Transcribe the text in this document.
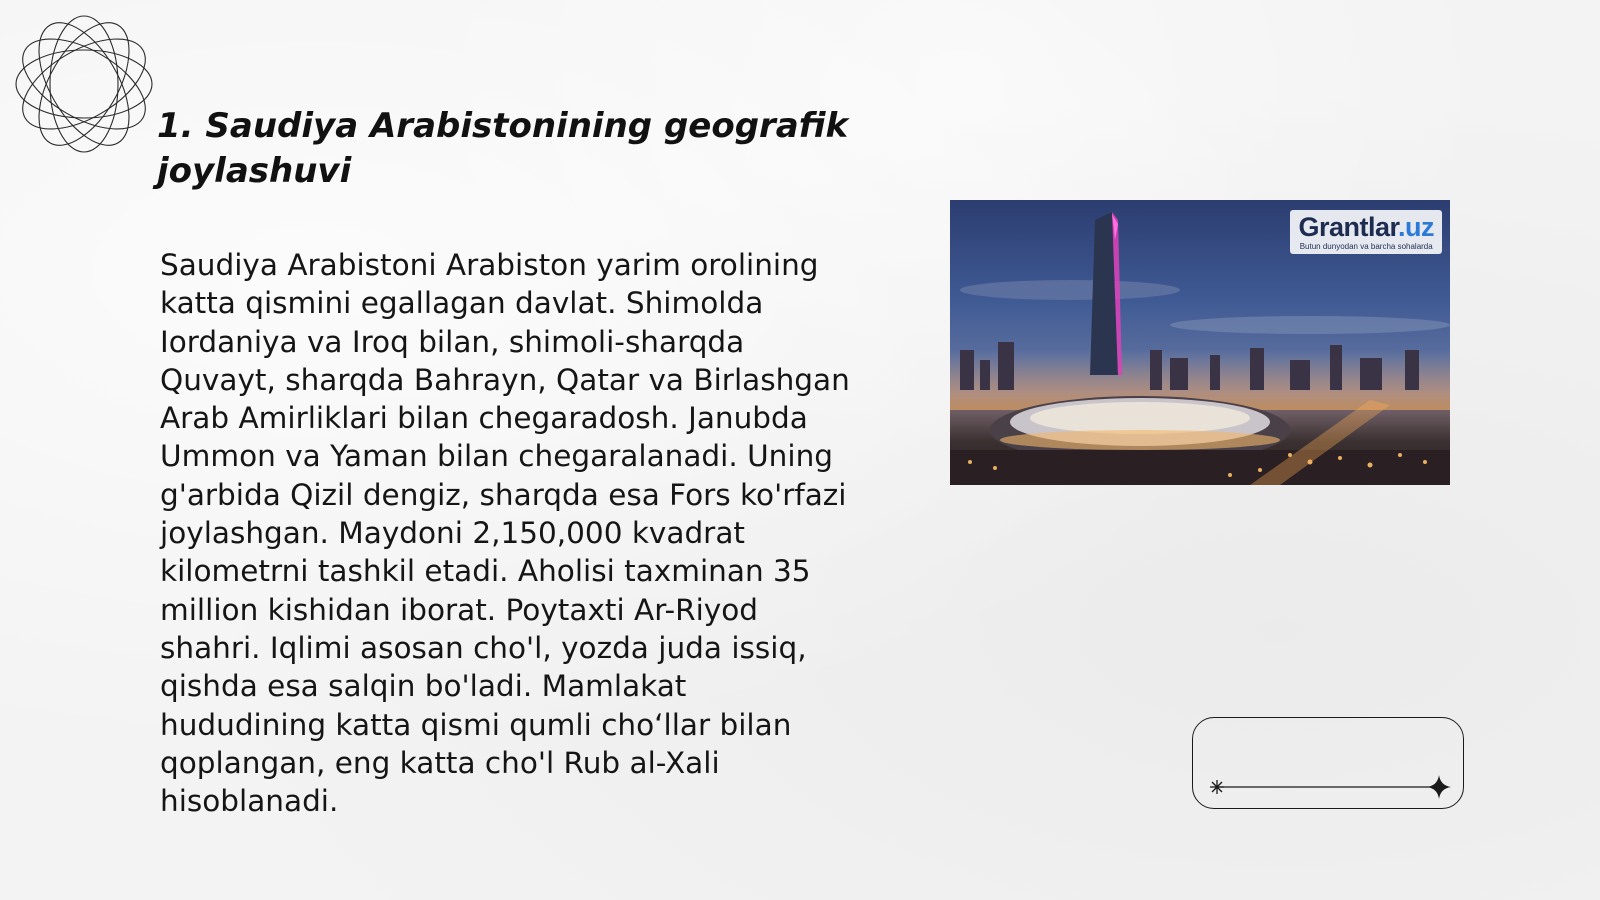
1. Saudiya Arabistonining geografik joylashuvi

Saudiya Arabistoni Arabiston yarim orolining katta qismini egallagan davlat. Shimolda Iordaniya va Iroq bilan, shimoli-sharqda Quvayt, sharqda Bahrayn, Qatar va Birlashgan Arab Amirliklari bilan chegaradosh. Janubda Ummon va Yaman bilan chegaralanadi. Uning g'arbida Qizil dengiz, sharqda esa Fors ko'rfazi joylashgan. Maydoni 2,150,000 kvadrat kilometrni tashkil etadi. Aholisi taxminan 35 million kishidan iborat. Poytaxti Ar-Riyod shahri. Iqlimi asosan cho'l, yozda juda issiq, qishda esa salqin bo'ladi. Mamlakat hududining katta qismi qumli cho‘llar bilan qoplangan, eng katta cho'l Rub al-Xali hisoblanadi.

Grantlar.uz
Butun dunyodan va barcha sohalarda
